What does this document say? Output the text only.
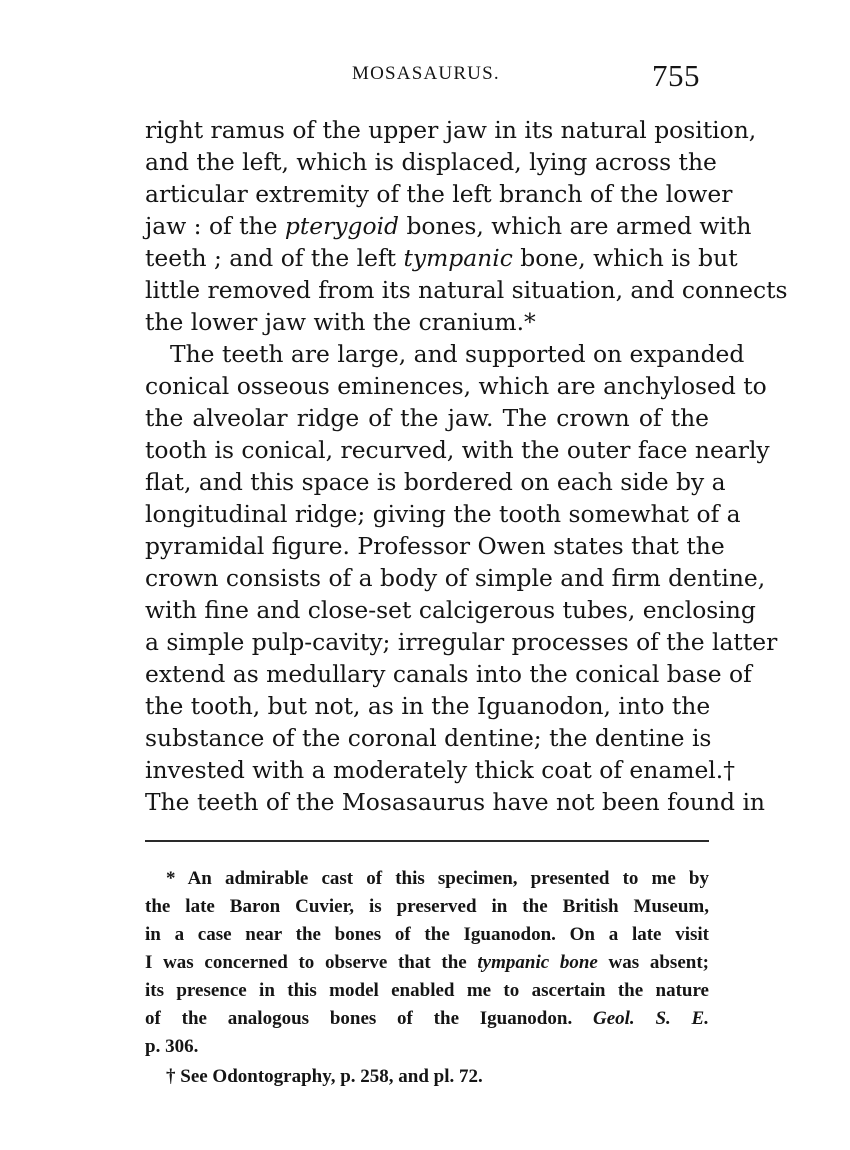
MOSASAURUS.	755
right ramus of the upper jaw in its natural position,
and the left, which is displaced, lying across the
articular extremity of the left branch of the lower
jaw : of the pterygoid bones, which are armed with
teeth ; and of the left tympanic bone, which is but
little removed from its natural situation, and connects
the lower jaw with the cranium.*
The teeth are large, and supported on expanded
conical osseous eminences, which are anchylosed to
the alveolar ridge of the jaw. The crown of the
tooth is conical, recurved, with the outer face nearly
flat, and this space is bordered on each side by a
longitudinal ridge; giving the tooth somewhat of a
pyramidal figure. Professor Owen states that the
crown consists of a body of simple and firm dentine,
with fine and close-set calcigerous tubes, enclosing
a simple pulp-cavity; irregular processes of the latter
extend as medullary canals into the conical base of
the tooth, but not, as in the Iguanodon, into the
substance of the coronal dentine; the dentine is
invested with a moderately thick coat of enamel.†
The teeth of the Mosasaurus have not been found in
* An admirable cast of this specimen, presented to me by
the late Baron Cuvier, is preserved in the British Museum,
in a case near the bones of the Iguanodon. On a late visit
I was concerned to observe that the tympanic bone was absent;
its presence in this model enabled me to ascertain the nature
of the analogous bones of the Iguanodon. Geol. S. E.
p. 306.
† See Odontography, p. 258, and pl. 72.
